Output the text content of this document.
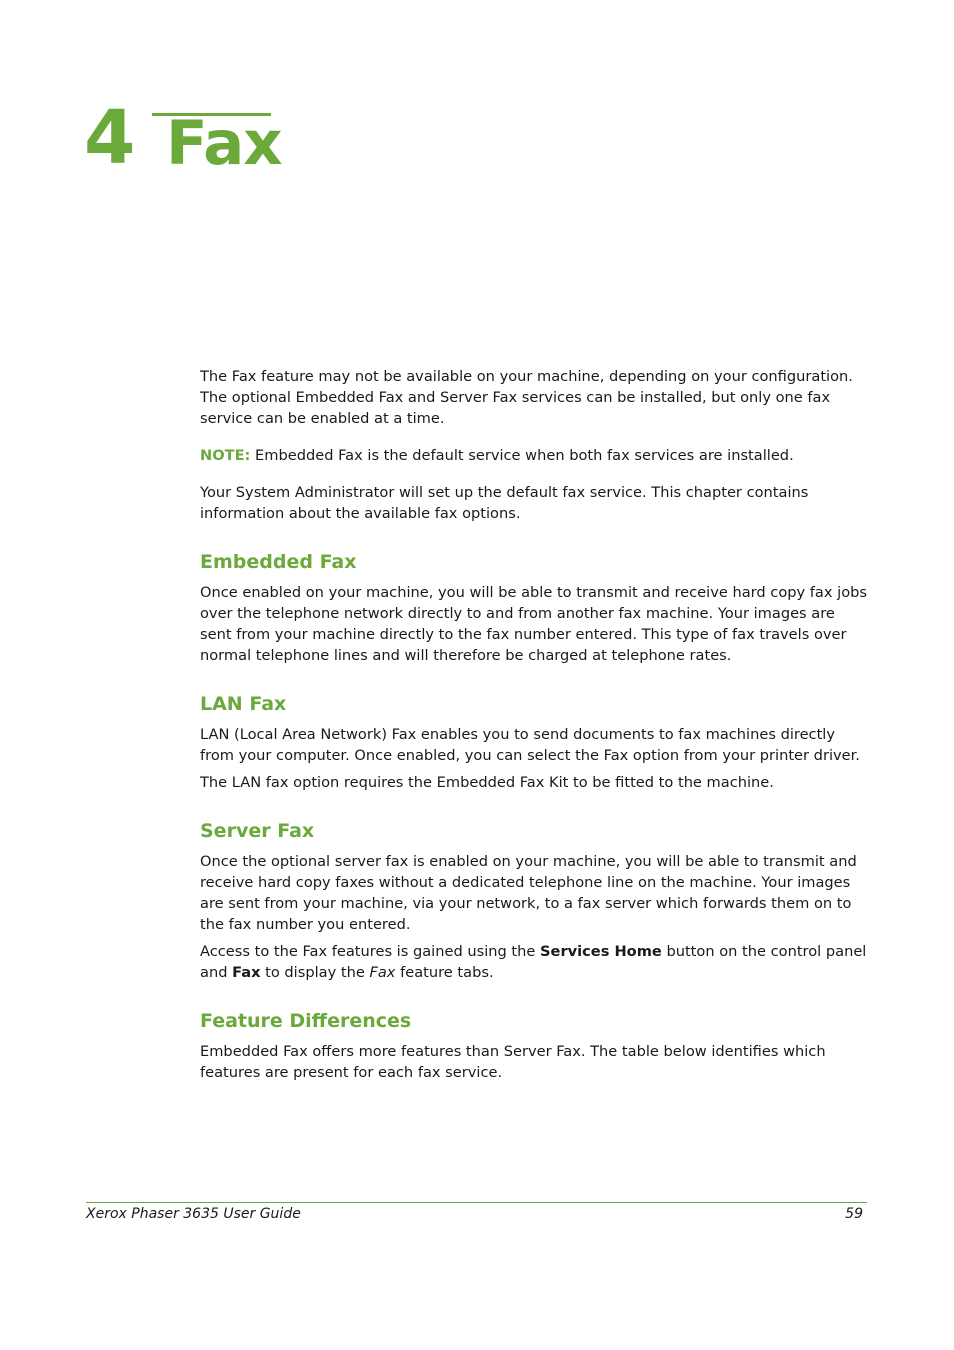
4 Fax

The Fax feature may not be available on your machine, depending on your configuration. The optional Embedded Fax and Server Fax services can be installed, but only one fax service can be enabled at a time.

NOTE: Embedded Fax is the default service when both fax services are installed.

Your System Administrator will set up the default fax service. This chapter contains information about the available fax options.

Embedded Fax

Once enabled on your machine, you will be able to transmit and receive hard copy fax jobs over the telephone network directly to and from another fax machine. Your images are sent from your machine directly to the fax number entered. This type of fax travels over normal telephone lines and will therefore be charged at telephone rates.

LAN Fax

LAN (Local Area Network) Fax enables you to send documents to fax machines directly from your computer. Once enabled, you can select the Fax option from your printer driver.

The LAN fax option requires the Embedded Fax Kit to be fitted to the machine.

Server Fax

Once the optional server fax is enabled on your machine, you will be able to transmit and receive hard copy faxes without a dedicated telephone line on the machine. Your images are sent from your machine, via your network, to a fax server which forwards them on to the fax number you entered.

Access to the Fax features is gained using the Services Home button on the control panel and Fax to display the Fax feature tabs.

Feature Differences

Embedded Fax offers more features than Server Fax. The table below identifies which features are present for each fax service.

Xerox Phaser 3635 User Guide	59
